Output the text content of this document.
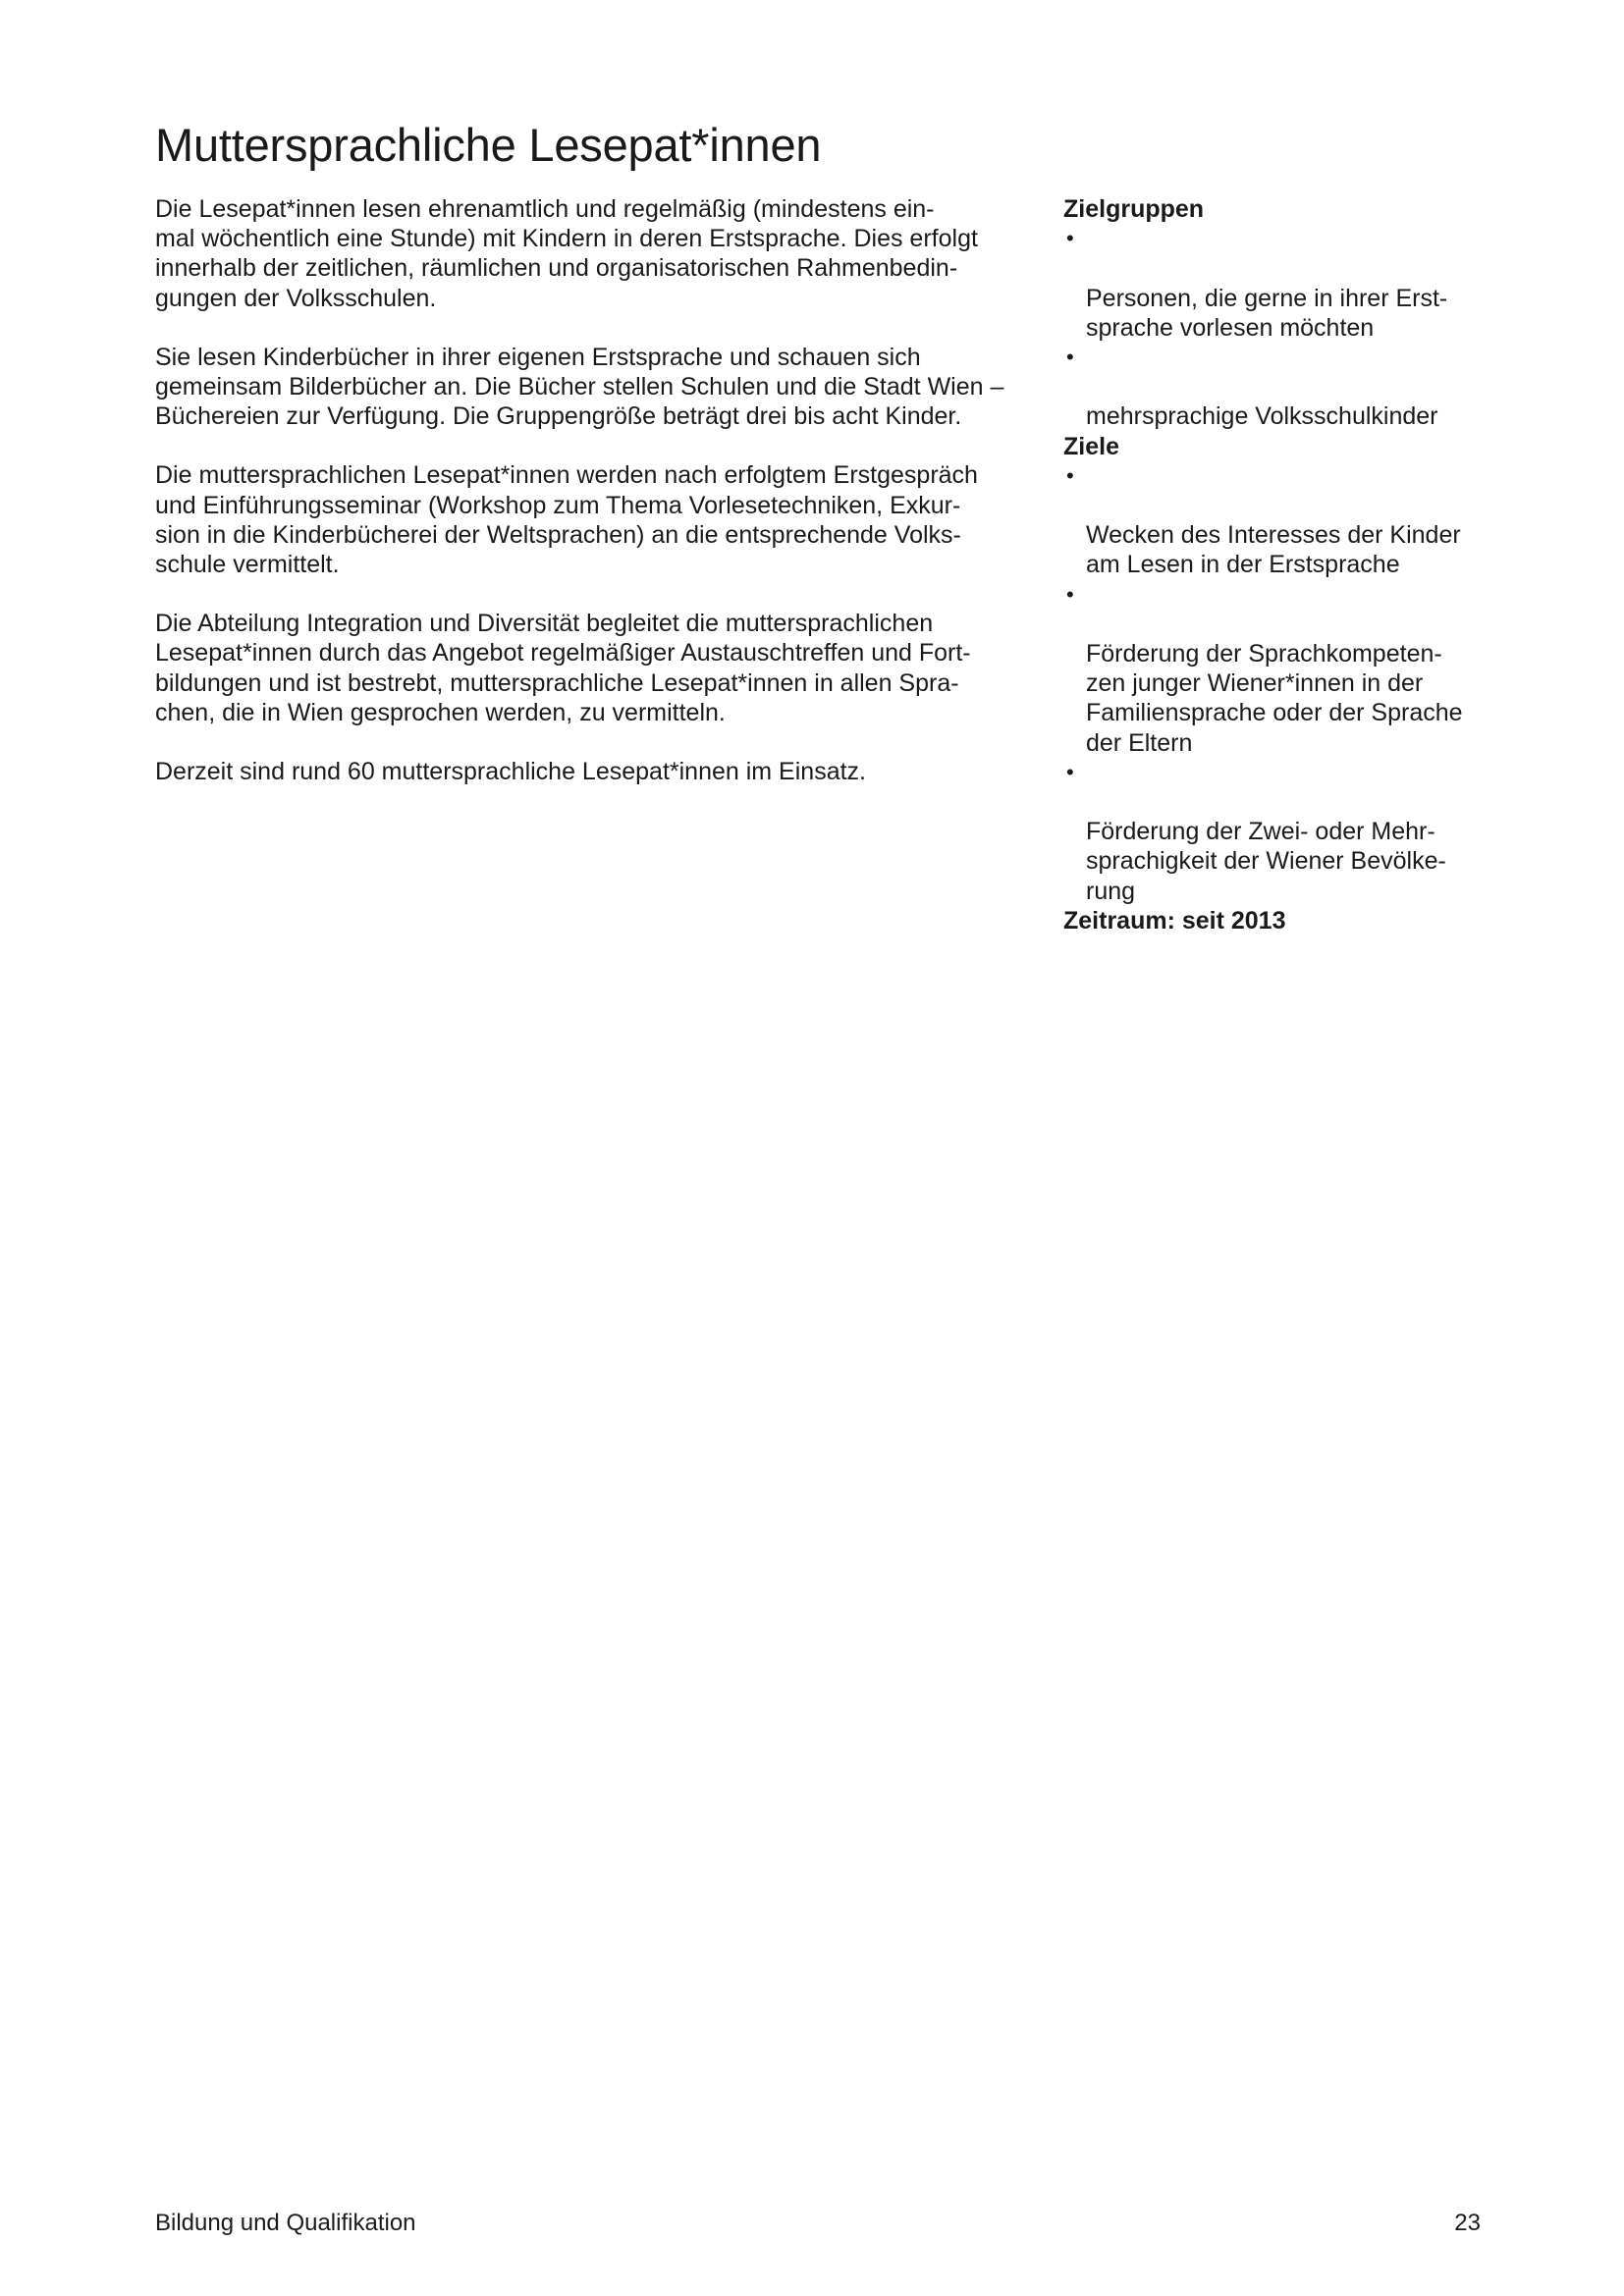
Muttersprachliche Lesepat*innen

Die Lesepat*innen lesen ehrenamtlich und regelmäßig (mindestens ein-
mal wöchentlich eine Stunde) mit Kindern in deren Erstsprache. Dies erfolgt
innerhalb der zeitlichen, räumlichen und organisatorischen Rahmenbedin-
gungen der Volksschulen.

Sie lesen Kinderbücher in ihrer eigenen Erstsprache und schauen sich
gemeinsam Bilderbücher an. Die Bücher stellen Schulen und die Stadt Wien –
Büchereien zur Verfügung. Die Gruppengröße beträgt drei bis acht Kinder.

Die muttersprachlichen Lesepat*innen werden nach erfolgtem Erstgespräch
und Einführungsseminar (Workshop zum Thema Vorlesetechniken, Exkur-
sion in die Kinderbücherei der Weltsprachen) an die entsprechende Volks-
schule vermittelt.

Die Abteilung Integration und Diversität begleitet die muttersprachlichen
Lesepat*innen durch das Angebot regelmäßiger Austauschtreffen und Fort-
bildungen und ist bestrebt, muttersprachliche Lesepat*innen in allen Spra-
chen, die in Wien gesprochen werden, zu vermitteln.

Derzeit sind rund 60 muttersprachliche Lesepat*innen im Einsatz.

Zielgruppen

•

Personen, die gerne in ihrer Erst-
sprache vorlesen möchten

•

mehrsprachige Volksschulkinder

Ziele

•

Wecken des Interesses der Kinder
am Lesen in der Erstsprache

•

Förderung der Sprachkompeten-
zen junger Wiener*innen in der
Familiensprache oder der Sprache
der Eltern

•

Förderung der Zwei- oder Mehr-
sprachigkeit der Wiener Bevölke-
rung

Zeitraum: seit 2013

Bildung und Qualifikation	23
